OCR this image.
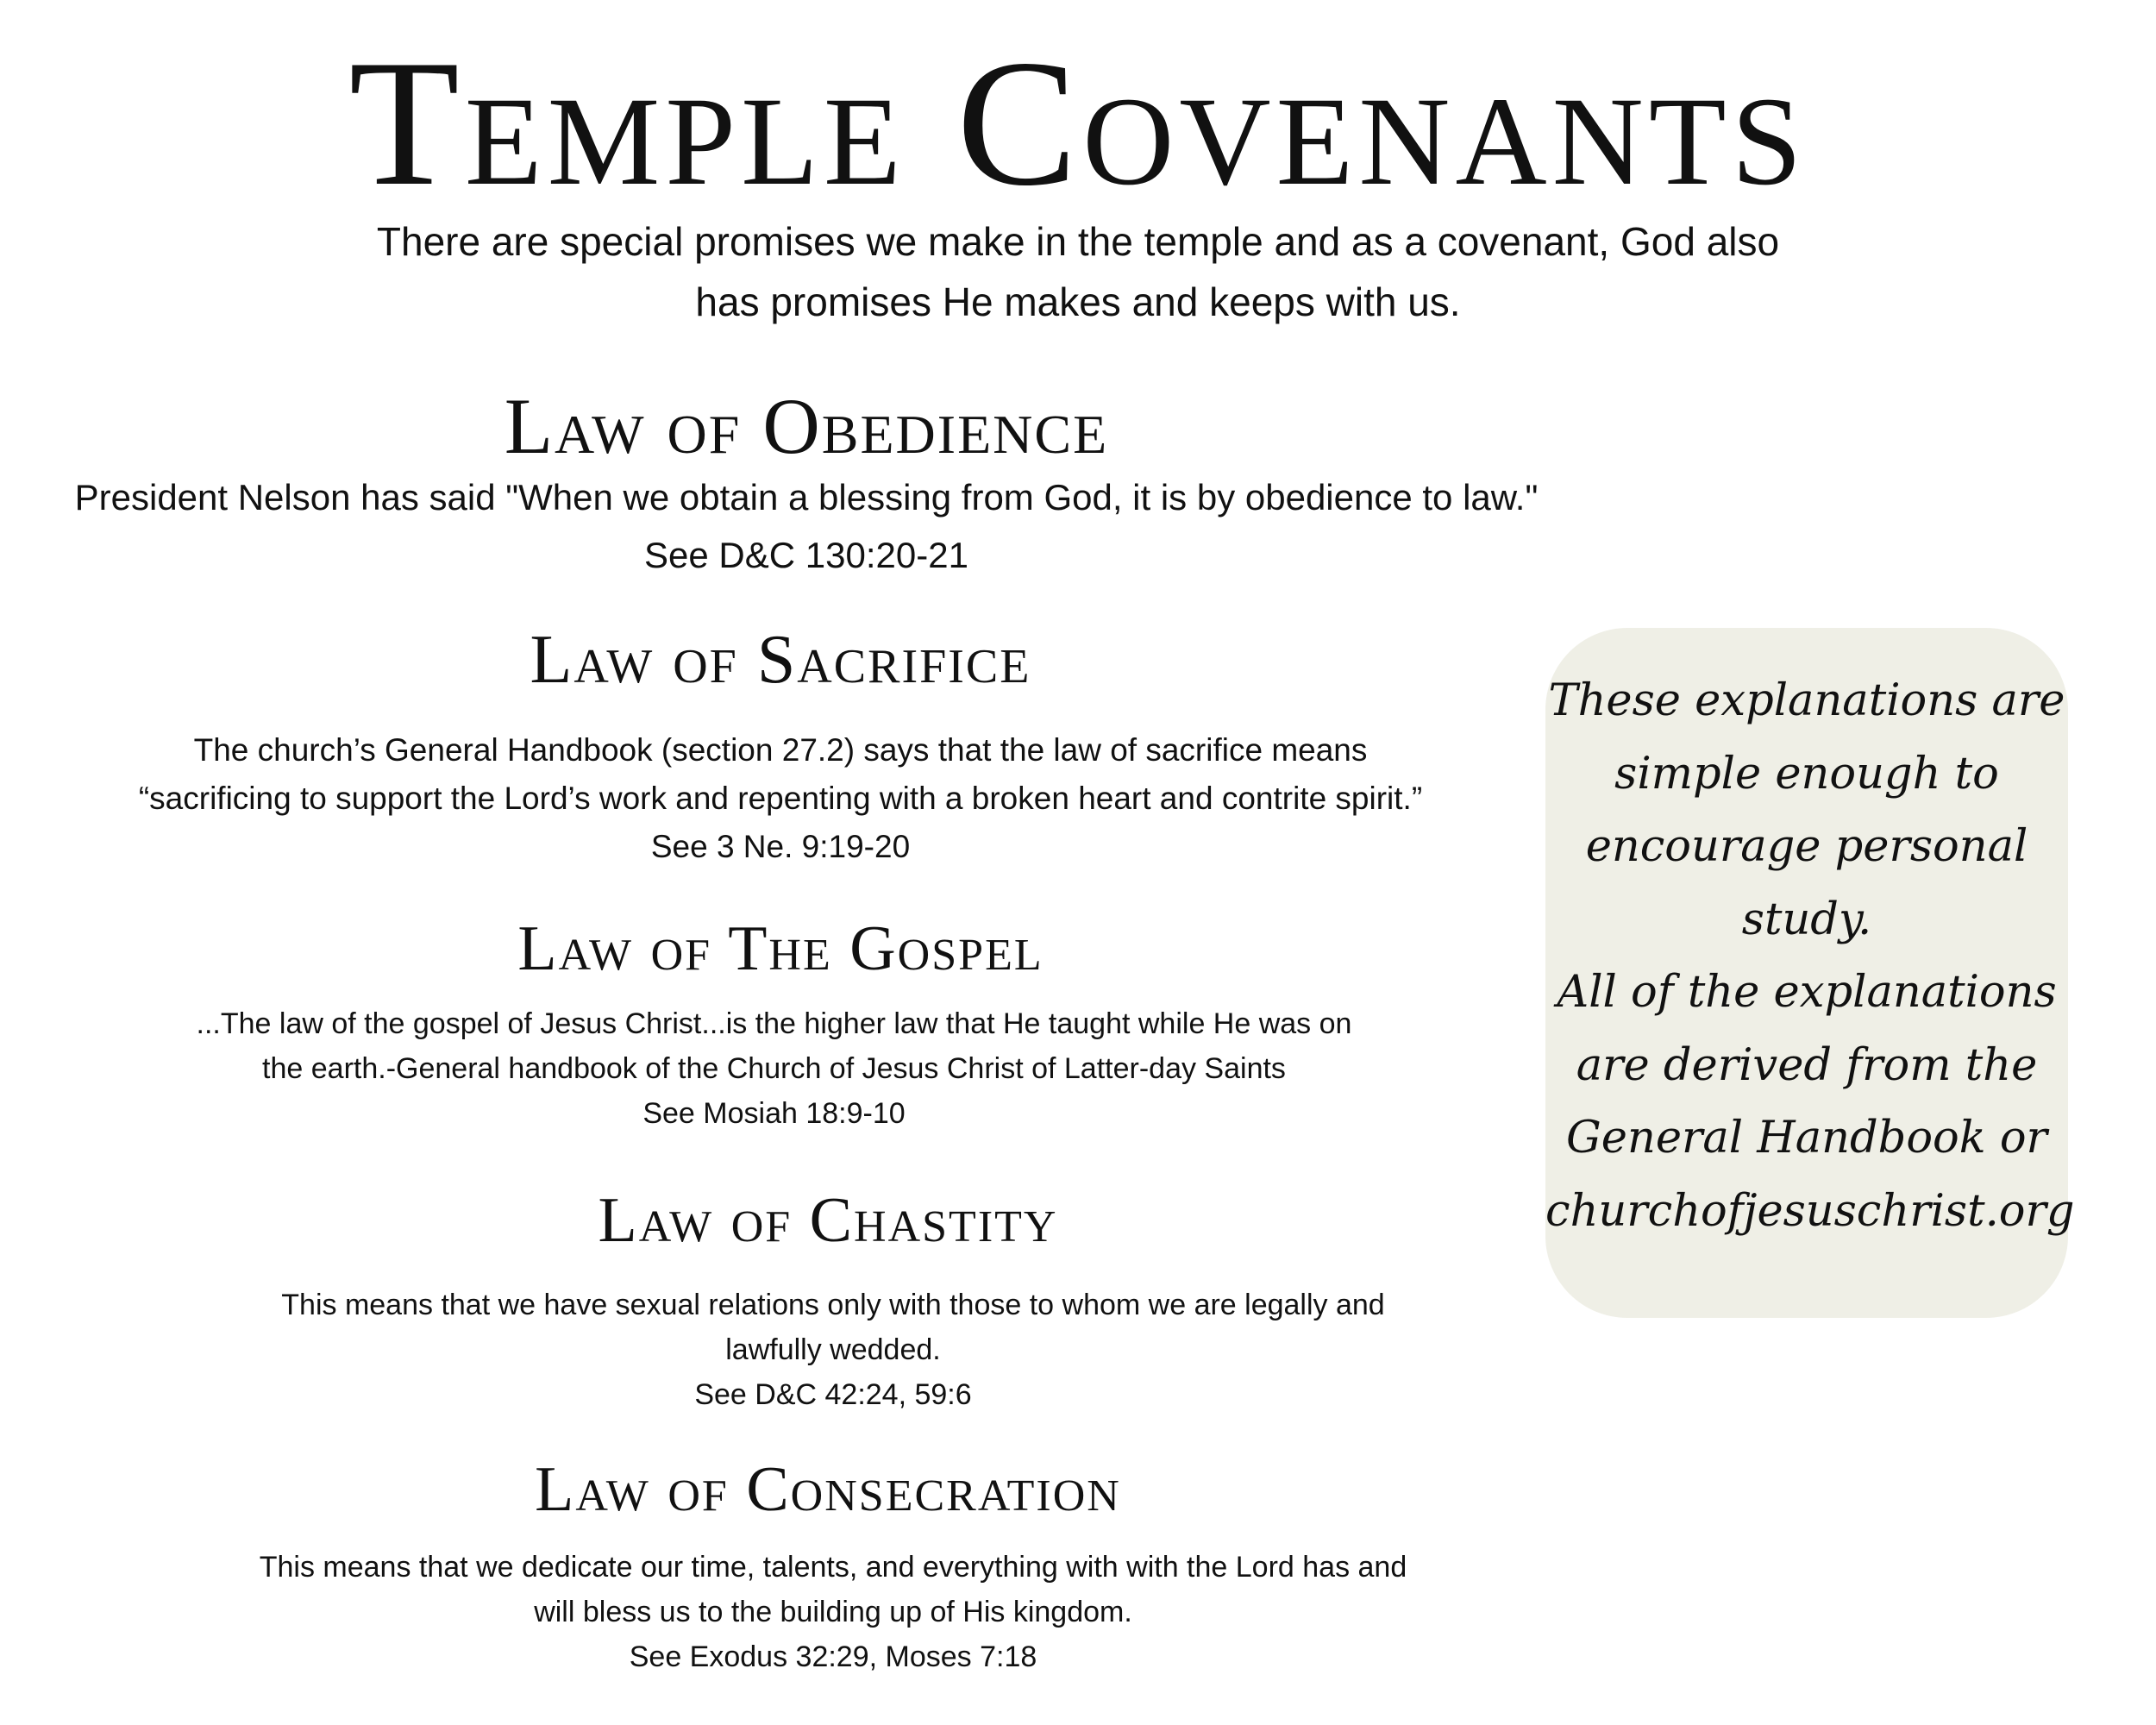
Temple Covenants
There are special promises we make in the temple and as a covenant, God also
has promises He makes and keeps with us.
Law of Obedience
President Nelson has said "When we obtain a blessing from God, it is by obedience to law."
See D&C 130:20-21
Law of Sacrifice
The church’s General Handbook (section 27.2) says that the law of sacrifice means
“sacrificing to support the Lord’s work and repenting with a broken heart and contrite spirit.”
See 3 Ne. 9:19-20
Law of The Gospel
...The law of the gospel of Jesus Christ...is the higher law that He taught while He was on
the earth.-General handbook of the Church of Jesus Christ of Latter-day Saints
See Mosiah 18:9-10
Law of Chastity
This means that we have sexual relations only with those to whom we are legally and
lawfully wedded.
See D&C 42:24, 59:6
Law of Consecration
This means that we dedicate our time, talents, and everything with with the Lord has and
will bless us to the building up of His kingdom.
See Exodus 32:29, Moses 7:18
These explanations are
simple enough to
encourage personal
study.
All of the explanations
are derived from the
General Handbook or
churchofjesuschrist.org
